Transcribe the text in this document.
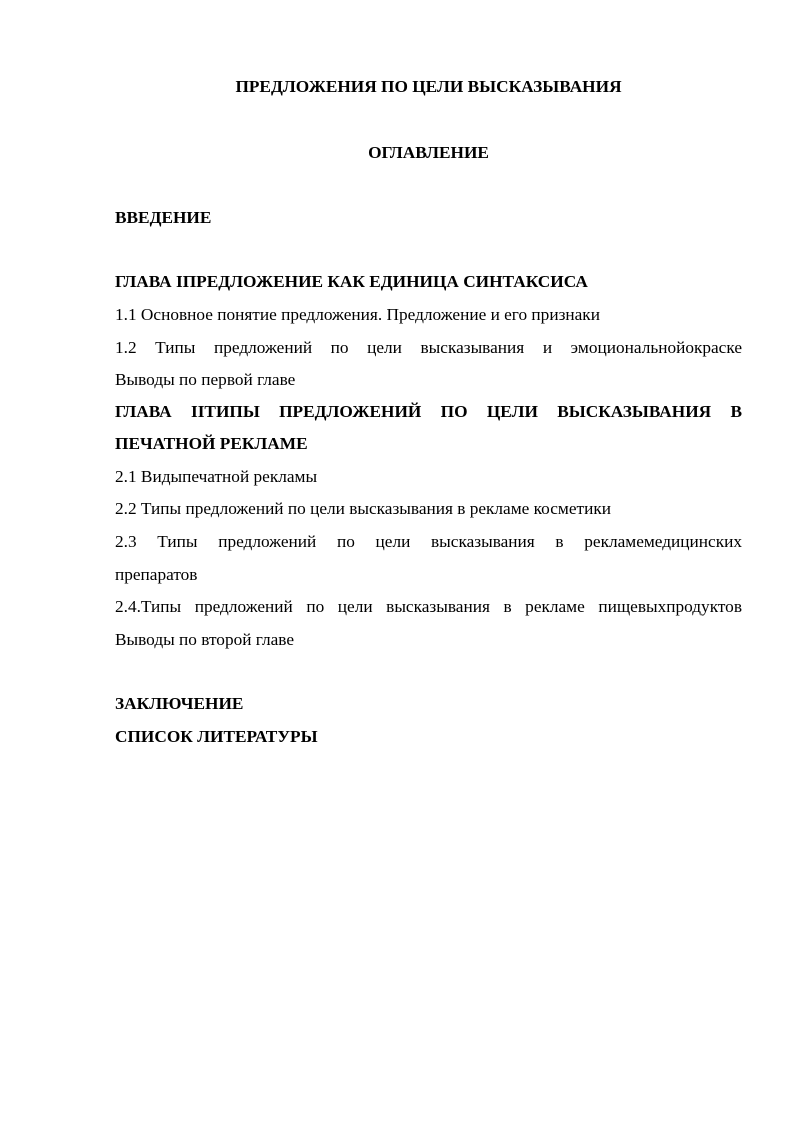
ПРЕДЛОЖЕНИЯ ПО ЦЕЛИ ВЫСКАЗЫВАНИЯ
ОГЛАВЛЕНИЕ
ВВЕДЕНИЕ
ГЛАВА IПРЕДЛОЖЕНИЕ КАК ЕДИНИЦА СИНТАКСИСА
1.1 Основное понятие предложения. Предложение и его признаки
1.2 Типы предложений по цели высказывания и эмоциональнойокраске
Выводы по первой главе
ГЛАВА IIТИПЫ ПРЕДЛОЖЕНИЙ ПО ЦЕЛИ ВЫСКАЗЫВАНИЯ В
ПЕЧАТНОЙ РЕКЛАМЕ
2.1 Видыпечатной рекламы
2.2 Типы предложений по цели высказывания в рекламе косметики
2.3 Типы предложений по цели высказывания в рекламемедицинских
препаратов
2.4.Типы предложений по цели высказывания в рекламе пищевыхпродуктов
Выводы по второй главе
ЗАКЛЮЧЕНИЕ
СПИСОК ЛИТЕРАТУРЫ
